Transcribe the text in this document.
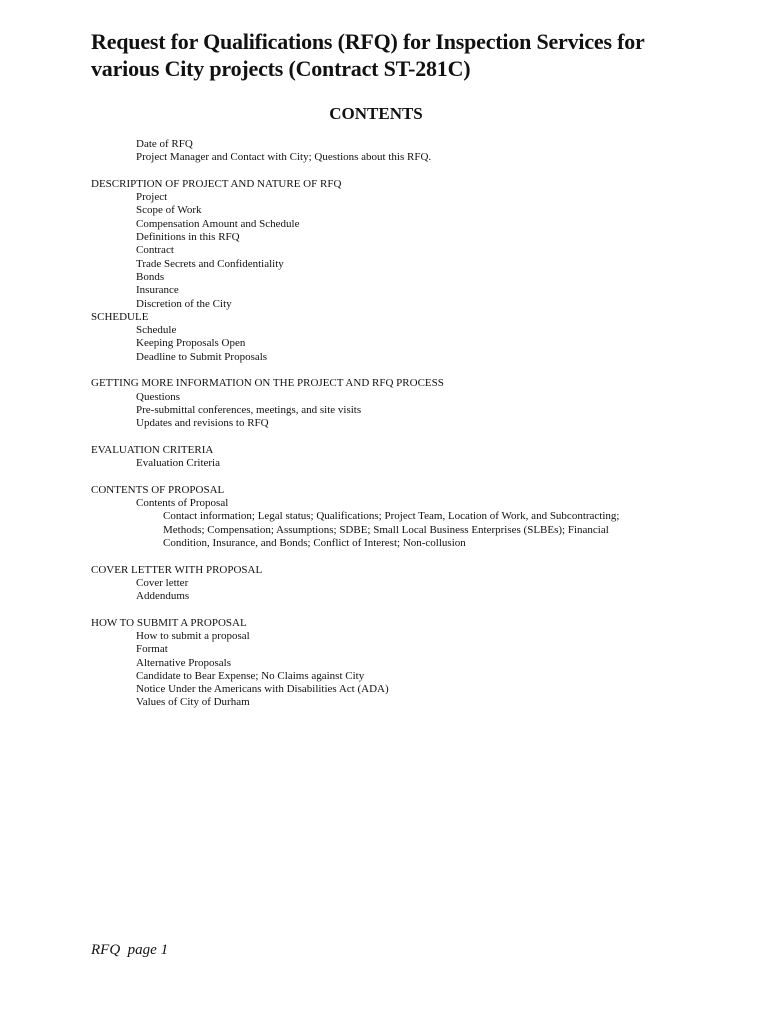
Request for Qualifications (RFQ) for Inspection Services for
various City projects (Contract ST-281C)
CONTENTS
Date of RFQ
Project Manager and Contact with City; Questions about this RFQ.
DESCRIPTION OF PROJECT AND NATURE OF RFQ
Project
Scope of Work
Compensation Amount and Schedule
Definitions in this RFQ
Contract
Trade Secrets and Confidentiality
Bonds
Insurance
Discretion of the City
SCHEDULE
Schedule
Keeping Proposals Open
Deadline to Submit Proposals
GETTING MORE INFORMATION ON THE PROJECT AND RFQ PROCESS
Questions
Pre-submittal conferences, meetings, and site visits
Updates and revisions to RFQ
EVALUATION CRITERIA
Evaluation Criteria
CONTENTS OF PROPOSAL
Contents of Proposal
Contact information; Legal status; Qualifications; Project Team, Location of Work, and Subcontracting;
Methods; Compensation; Assumptions; SDBE; Small Local Business Enterprises (SLBEs); Financial
Condition, Insurance, and Bonds; Conflict of Interest; Non-collusion
COVER LETTER WITH PROPOSAL
Cover letter
Addendums
HOW TO SUBMIT A PROPOSAL
How to submit a proposal
Format
Alternative Proposals
Candidate to Bear Expense; No Claims against City
Notice Under the Americans with Disabilities Act (ADA)
Values of City of Durham

RFQ  page 1
